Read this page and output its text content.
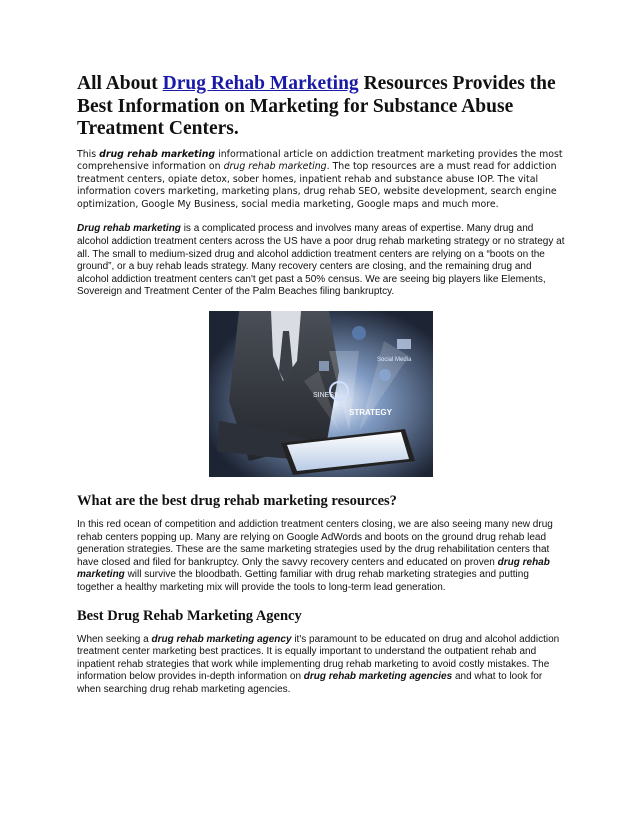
All About Drug Rehab Marketing Resources Provides the Best Information on Marketing for Substance Abuse Treatment Centers.

This drug rehab marketing informational article on addiction treatment marketing provides the most comprehensive information on drug rehab marketing. The top resources are a must read for addiction treatment centers, opiate detox, sober homes, inpatient rehab and substance abuse IOP. The vital information covers marketing, marketing plans, drug rehab SEO, website development, search engine optimization, Google My Business, social media marketing, Google maps and much more.

Drug rehab marketing is a complicated process and involves many areas of expertise. Many drug and alcohol addiction treatment centers across the US have a poor drug rehab marketing strategy or no strategy at all. The small to medium-sized drug and alcohol addiction treatment centers are relying on a “boots on the ground”, or a buy rehab leads strategy. Many recovery centers are closing, and the remaining drug and alcohol addiction treatment centers can't get past a 50% census. We are seeing big players like Elements, Sovereign and Treatment Center of the Palm Beaches filing bankruptcy.

SINESS
STRATEGY
Social Media
What are the best drug rehab marketing resources?

In this red ocean of competition and addiction treatment centers closing, we are also seeing many new drug rehab centers popping up. Many are relying on Google AdWords and boots on the ground drug rehab lead generation strategies. These are the same marketing strategies used by the drug rehabilitation centers that have closed and filed for bankruptcy. Only the savvy recovery centers and educated on proven drug rehab marketing will survive the bloodbath. Getting familiar with drug rehab marketing strategies and putting together a healthy marketing mix will provide the tools to long-term lead generation.

Best Drug Rehab Marketing Agency

When seeking a drug rehab marketing agency it's paramount to be educated on drug and alcohol addiction treatment center marketing best practices. It is equally important to understand the outpatient rehab and inpatient rehab strategies that work while implementing drug rehab marketing to avoid costly mistakes. The information below provides in-depth information on drug rehab marketing agencies and what to look for when searching drug rehab marketing agencies.
